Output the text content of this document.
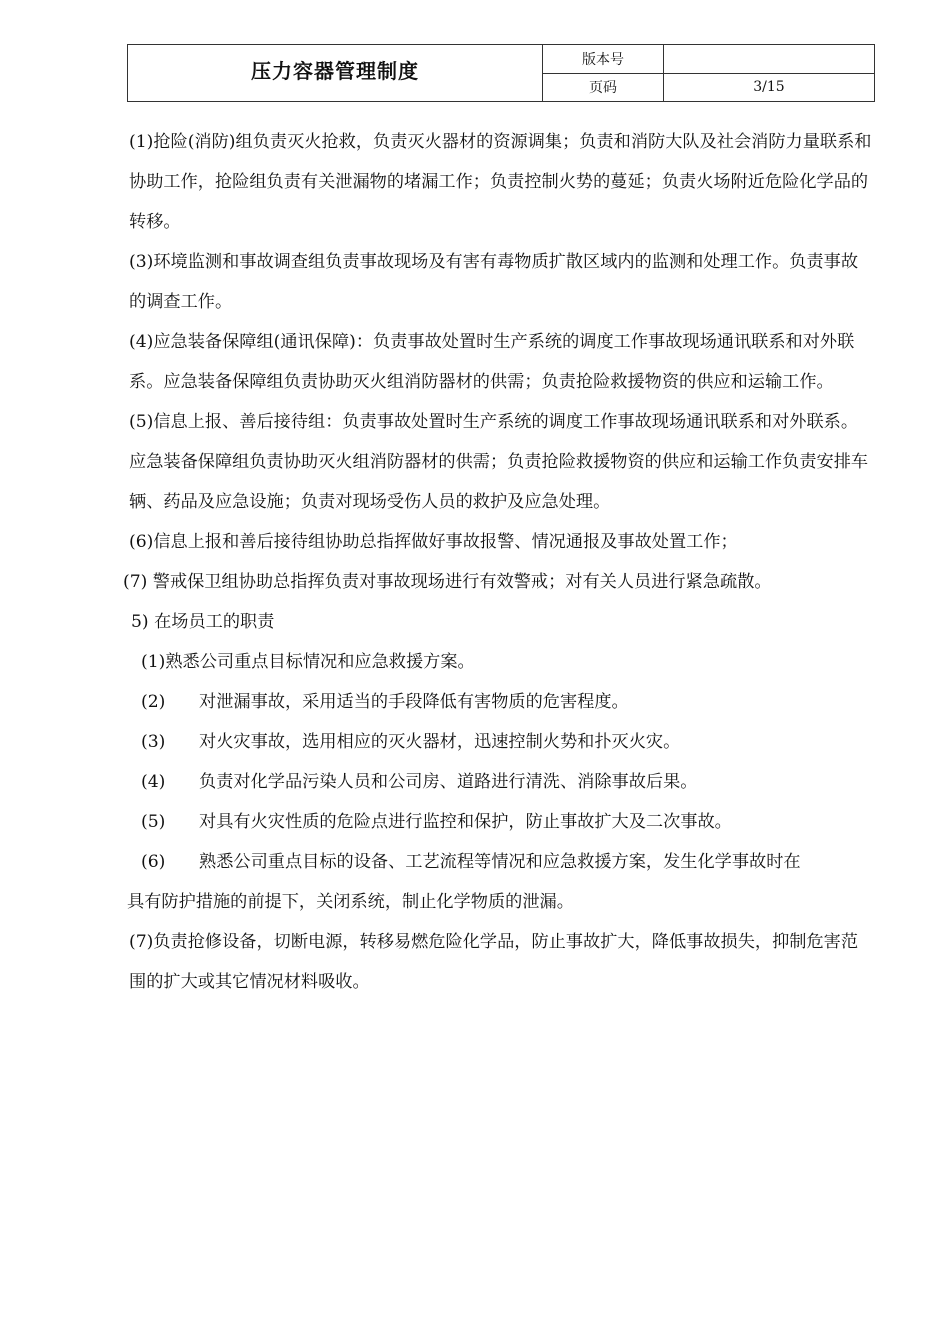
压力容器管理制度	版本号	
	页码	3/15

(1)抢险(消防)组负责灭火抢救，负责灭火器材的资源调集；负责和消防大队及社会消防力量联系和协助工作，抢险组负责有关泄漏物的堵漏工作；负责控制火势的蔓延；负责火场附近危险化学品的转移。

(3)环境监测和事故调查组负责事故现场及有害有毒物质扩散区域内的监测和处理工作。负责事故的调查工作。

(4)应急装备保障组(通讯保障)：负责事故处置时生产系统的调度工作事故现场通讯联系和对外联系。应急装备保障组负责协助灭火组消防器材的供需；负责抢险救援物资的供应和运输工作。

(5)信息上报、善后接待组：负责事故处置时生产系统的调度工作事故现场通讯联系和对外联系。应急装备保障组负责协助灭火组消防器材的供需；负责抢险救援物资的供应和运输工作负责安排车辆、药品及应急设施；负责对现场受伤人员的救护及应急处理。

(6)信息上报和善后接待组协助总指挥做好事故报警、情况通报及事故处置工作；

(7) 警戒保卫组协助总指挥负责对事故现场进行有效警戒；对有关人员进行紧急疏散。

5) 在场员工的职责

(1)熟悉公司重点目标情况和应急救援方案。

(2) 对泄漏事故，采用适当的手段降低有害物质的危害程度。

(3) 对火灾事故，选用相应的灭火器材，迅速控制火势和扑灭火灾。

(4) 负责对化学品污染人员和公司房、道路进行清洗、消除事故后果。

(5) 对具有火灾性质的危险点进行监控和保护，防止事故扩大及二次事故。

(6) 熟悉公司重点目标的设备、工艺流程等情况和应急救援方案，发生化学事故时在

具有防护措施的前提下，关闭系统，制止化学物质的泄漏。

(7)负责抢修设备，切断电源，转移易燃危险化学品，防止事故扩大，降低事故损失，抑制危害范围的扩大或其它情况材料吸收。
